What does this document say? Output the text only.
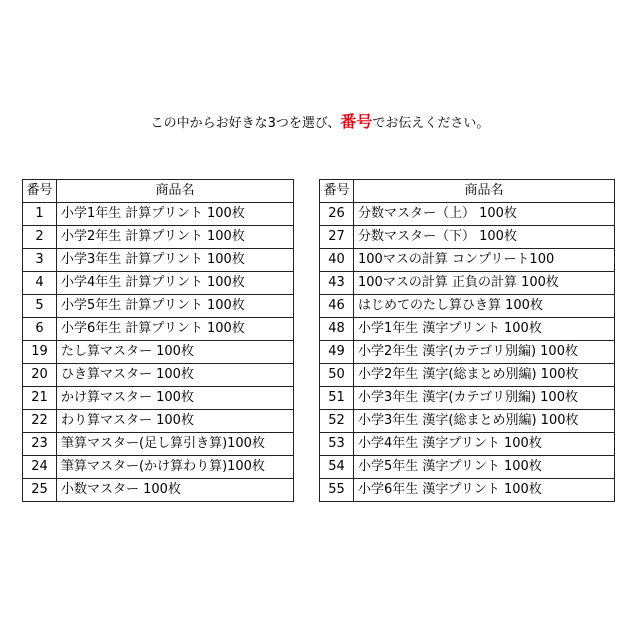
この中からお好きな3つを選び、番号でお伝えください。
番号	商品名
1	小学1年生 計算プリント 100枚
2	小学2年生 計算プリント 100枚
3	小学3年生 計算プリント 100枚
4	小学4年生 計算プリント 100枚
5	小学5年生 計算プリント 100枚
6	小学6年生 計算プリント 100枚
19	たし算マスター 100枚
20	ひき算マスター 100枚
21	かけ算マスター 100枚
22	わり算マスター 100枚
23	筆算マスター(足し算引き算)100枚
24	筆算マスター(かけ算わり算)100枚
25	小数マスター 100枚
番号	商品名
26	分数マスター（上） 100枚
27	分数マスター（下） 100枚
40	100マスの計算 コンプリート100
43	100マスの計算 正負の計算 100枚
46	はじめてのたし算ひき算 100枚
48	小学1年生 漢字プリント 100枚
49	小学2年生 漢字(カテゴリ別編) 100枚
50	小学2年生 漢字(総まとめ別編) 100枚
51	小学3年生 漢字(カテゴリ別編) 100枚
52	小学3年生 漢字(総まとめ別編) 100枚
53	小学4年生 漢字プリント 100枚
54	小学5年生 漢字プリント 100枚
55	小学6年生 漢字プリント 100枚
